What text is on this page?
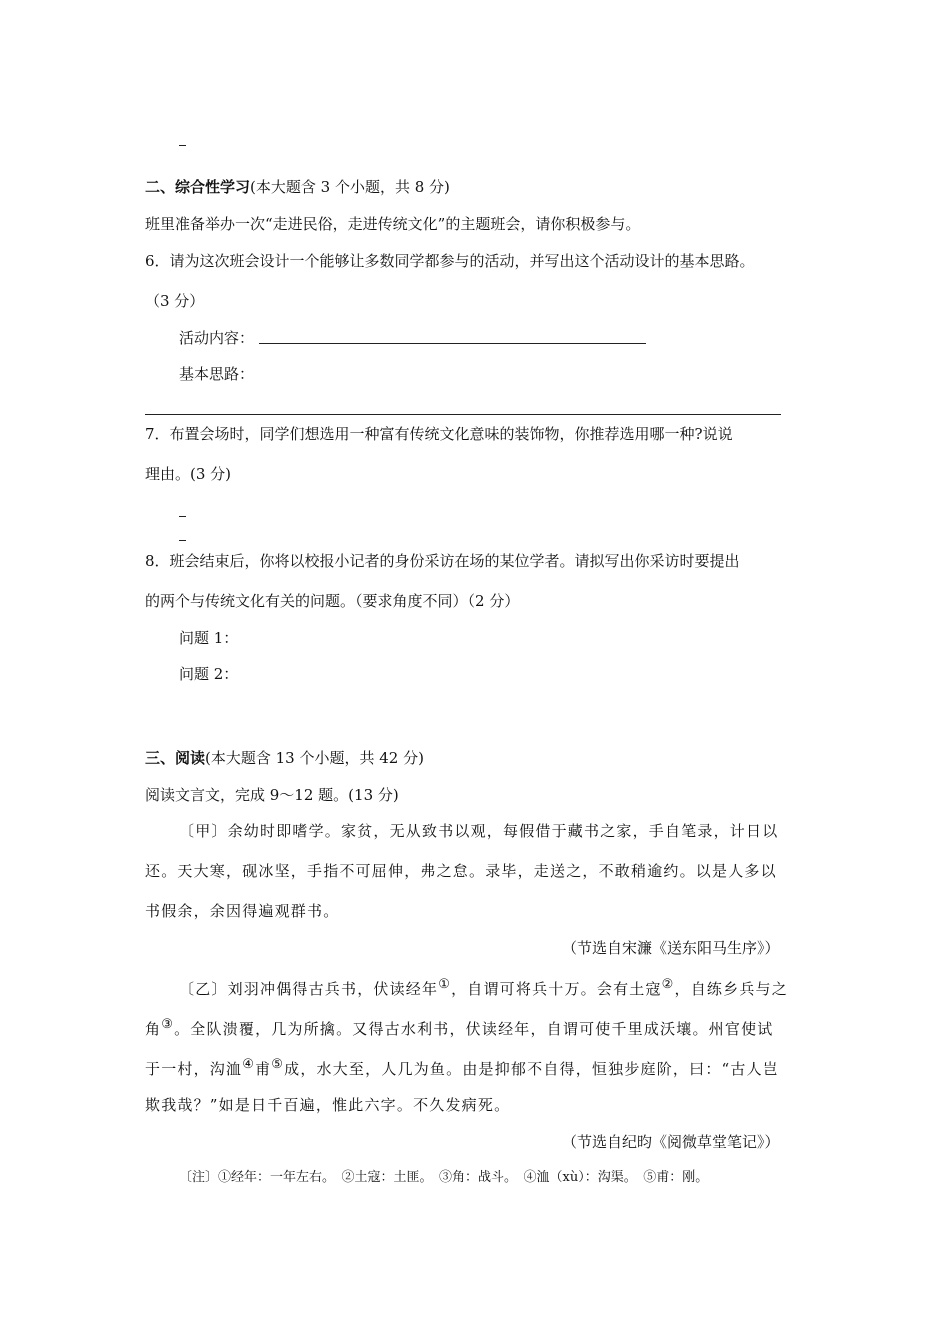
二、综合性学习(本大题含 3 个小题，共 8 分)
班里准备举办一次“走进民俗，走进传统文化”的主题班会，请你积极参与。
6．请为这次班会设计一个能够让多数同学都参与的活动，并写出这个活动设计的基本思路。
（3 分）
活动内容：
基本思路：
7．布置会场时，同学们想选用一种富有传统文化意味的装饰物，你推荐选用哪一种?说说
理由。(3 分)
8．班会结束后，你将以校报小记者的身份采访在场的某位学者。请拟写出你采访时要提出
的两个与传统文化有关的问题。（要求角度不同）（2 分）
问题 1：
问题 2：
三、阅读(本大题含 13 个小题，共 42 分)
阅读文言文，完成 9～12 题。(13 分)
〔甲〕余幼时即嗜学。家贫，无从致书以观，每假借于藏书之家，手自笔录，计日以
还。天大寒，砚冰坚，手指不可屈伸，弗之怠。录毕，走送之，不敢稍逾约。以是人多以
书假余，余因得遍观群书。
（节选自宋濂《送东阳马生序》）
〔乙〕刘羽冲偶得古兵书，伏读经年①，自谓可将兵十万。会有土寇②，自练乡兵与之
角③。全队溃覆，几为所擒。又得古水利书，伏读经年，自谓可使千里成沃壤。州官使试
于一村，沟洫④甫⑤成，水大至，人几为鱼。由是抑郁不自得，恒独步庭阶，曰：“古人岂
欺我哉？”如是日千百遍，惟此六字。不久发病死。
（节选自纪昀《阅微草堂笔记》）
〔注〕①经年：一年左右。　②土寇：土匪。　③角：战斗。　④洫（xù）：沟渠。　⑤甫：刚。
